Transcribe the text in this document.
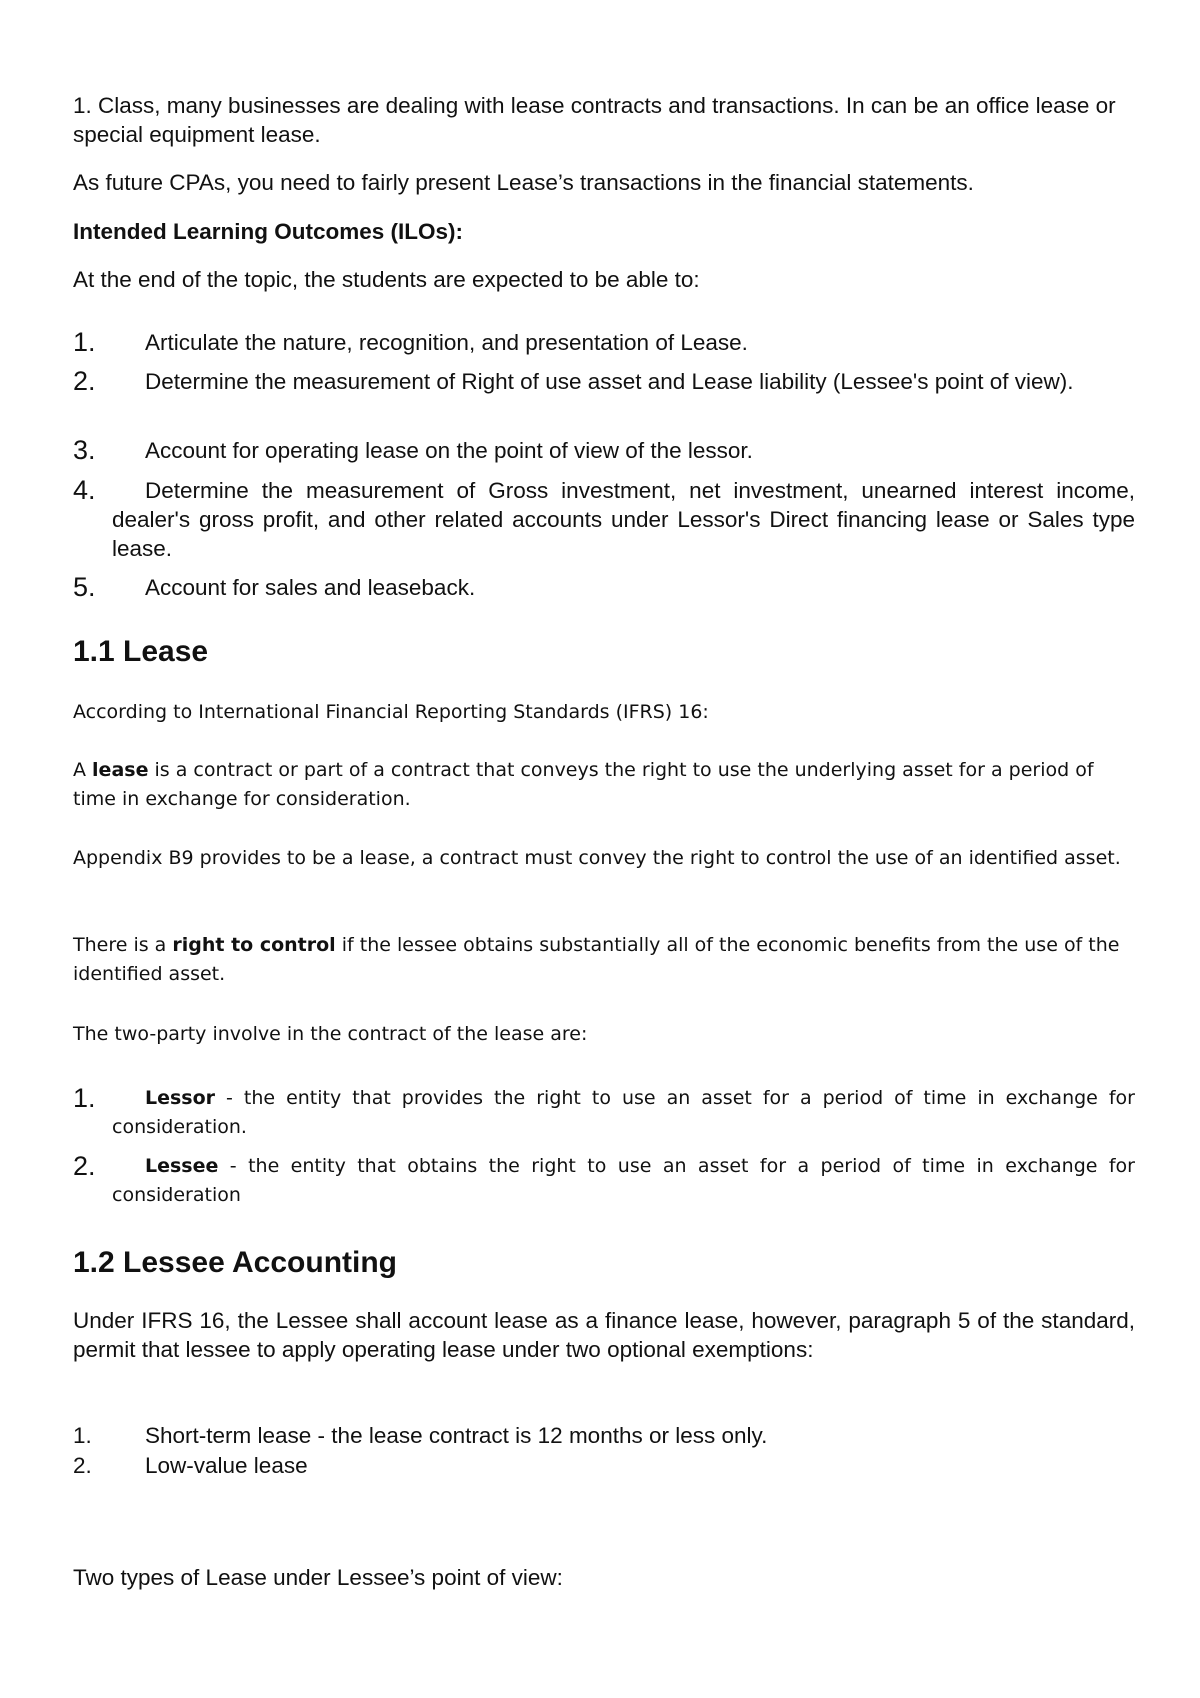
1. Class, many businesses are dealing with lease contracts and transactions. In can be an office lease or special equipment lease.

As future CPAs, you need to fairly present Lease’s transactions in the financial statements.

Intended Learning Outcomes (ILOs):

At the end of the topic, the students are expected to be able to:

1.	Articulate the nature, recognition, and presentation of Lease.
2.	Determine the measurement of Right of use asset and Lease liability (Lessee's point of view).
3.	Account for operating lease on the point of view of the lessor.
4.	Determine the measurement of Gross investment, net investment, unearned interest income, dealer's gross profit, and other related accounts under Lessor's Direct financing lease or Sales type lease.
5.	Account for sales and leaseback.
1.1 Lease

According to International Financial Reporting Standards (IFRS) 16:

A lease is a contract or part of a contract that conveys the right to use the underlying asset for a period of time in exchange for consideration.

Appendix B9 provides to be a lease, a contract must convey the right to control the use of an identified asset.

There is a right to control if the lessee obtains substantially all of the economic benefits from the use of the identified asset.

The two-party involve in the contract of the lease are:

1.	Lessor - the entity that provides the right to use an asset for a period of time in exchange for consideration.
2.	Lessee - the entity that obtains the right to use an asset for a period of time in exchange for consideration
1.2 Lessee Accounting

Under IFRS 16, the Lessee shall account lease as a finance lease, however, paragraph 5 of the standard, permit that lessee to apply operating lease under two optional exemptions:

1. Short-term lease - the lease contract is 12 months or less only.
2. Low-value lease

Two types of Lease under Lessee’s point of view:
